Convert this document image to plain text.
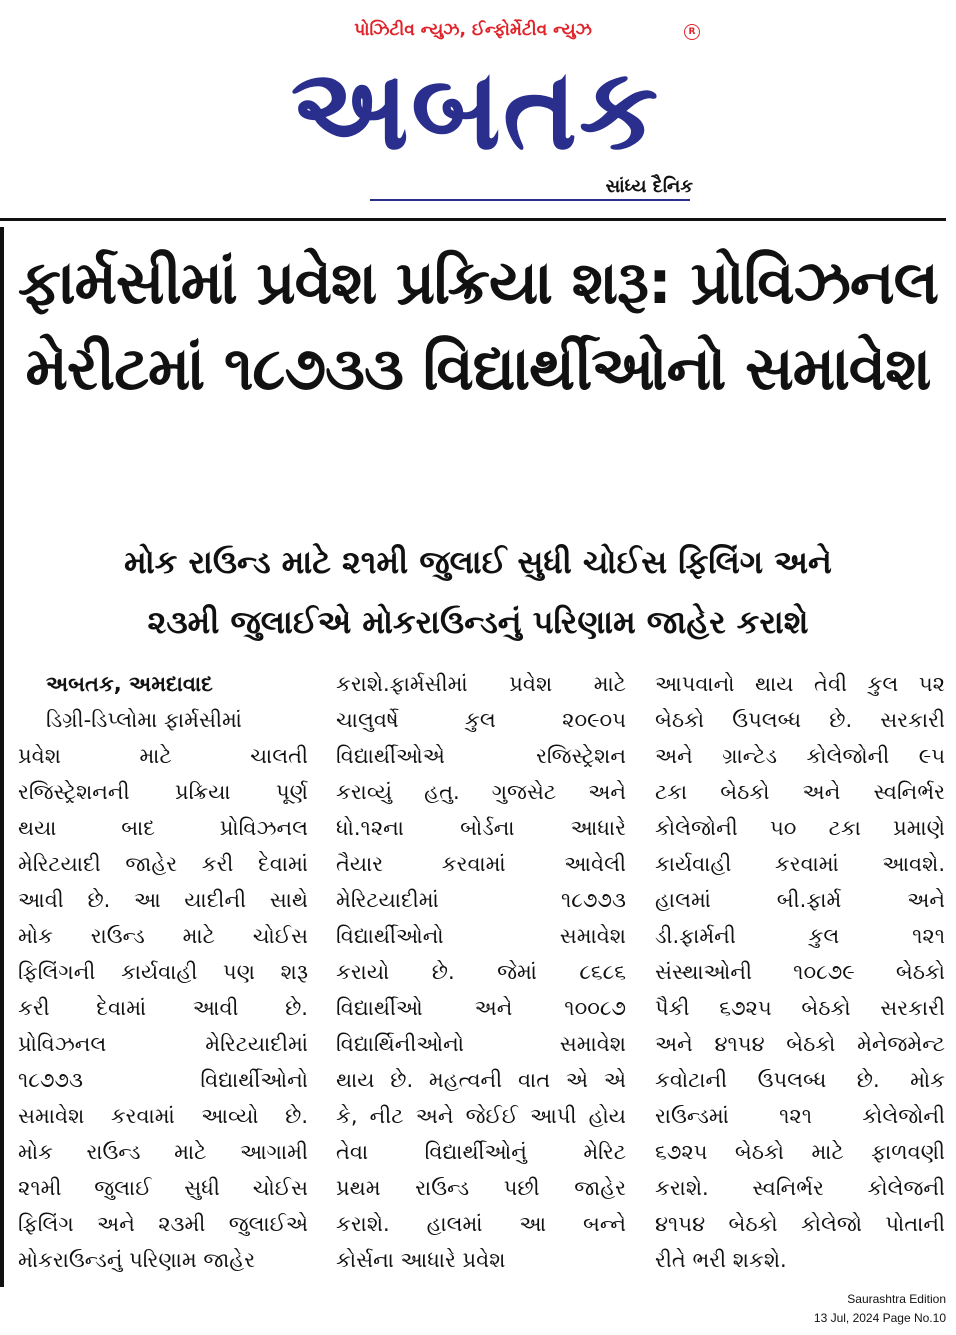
પોઝિટીવ ન્યુઝ, ઈન્ફોર્મેટીવ ન્યુઝ	R
અબતક
સાંધ્ય દૈનિક
ફાર્મસીમાં પ્રવેશ પ્રક્રિયા શરૂ: પ્રોવિઝનલ
મેરીટમાં ૧૮૭૩૩ વિદ્યાર્થીઓનો સમાવેશ
મોક રાઉન્ડ માટે ૨૧મી જુલાઈ સુધી ચોઈસ ફિલિંગ અને
૨૩મી જુલાઈએ મોકરાઉન્ડનું પરિણામ જાહેર કરાશે
અબતક, અમદાવાદ
ડિગ્રી-ડિપ્લોમા ફાર્મસીમાં
પ્રવેશ માટે ચાલતી
રજિસ્ટ્રેશનની પ્રક્રિયા પૂર્ણ
થયા બાદ પ્રોવિઝનલ
મેરિટયાદી જાહેર કરી દેવામાં
આવી છે. આ યાદીની સાથે
મોક રાઉન્ડ માટે ચોઈસ
ફિલિંગની કાર્યવાહી પણ શરૂ
કરી દેવામાં આવી છે.
પ્રોવિઝનલ મેરિટયાદીમાં
૧૮૭૭૩ વિદ્યાર્થીઓનો
સમાવેશ કરવામાં આવ્યો છે.
મોક રાઉન્ડ માટે આગામી
૨૧મી જુલાઈ સુધી ચોઈસ
ફિલિંગ અને ૨૩મી જુલાઈએ
મોકરાઉન્ડનું પરિણામ જાહેર
કરાશે.ફાર્મસીમાં પ્રવેશ માટે
ચાલુવર્ષે કુલ ૨૦૯૦૫
વિદ્યાર્થીઓએ રજિસ્ટ્રેશન
કરાવ્યું હતુ. ગુજસેટ અને
ધો.૧૨ના બોર્ડના આધારે
તૈયાર કરવામાં આવેલી
મેરિટયાદીમાં ૧૮૭૭૩
વિદ્યાર્થીઓનો સમાવેશ
કરાયો છે. જેમાં ૮૬૮૬
વિદ્યાર્થીઓ અને ૧૦૦૮૭
વિદ્યાર્થિનીઓનો સમાવેશ
થાય છે. મહત્વની વાત એ એ
કે, નીટ અને જેઈઈ આપી હોય
તેવા વિદ્યાર્થીઓનું મેરિટ
પ્રથમ રાઉન્ડ પછી જાહેર
કરાશે. હાલમાં આ બન્ને
કોર્સના આધારે પ્રવેશ
આપવાનો થાય તેવી કુલ ૫૨
બેઠકો ઉપલબ્ધ છે. સરકારી
અને ગ્રાન્ટેડ કોલેજોની ૯૫
ટકા બેઠકો અને સ્વનિર્ભર
કોલેજોની ૫૦ ટકા પ્રમાણે
કાર્યવાહી કરવામાં આવશે.
હાલમાં બી.ફાર્મ અને
ડી.ફાર્મની કુલ ૧૨૧
સંસ્થાઓની ૧૦૮૭૯ બેઠકો
પૈકી ૬૭૨૫ બેઠકો સરકારી
અને ૪૧૫૪ બેઠકો મેનેજમેન્ટ
કવોટાની ઉપલબ્ધ છે. મોક
રાઉન્ડમાં ૧૨૧ કોલેજોની
૬૭૨૫ બેઠકો માટે ફાળવણી
કરાશે. સ્વનિર્ભર કોલેજની
૪૧૫૪ બેઠકો કોલેજો પોતાની
રીતે ભરી શકશે.
Saurashtra Edition
13 Jul, 2024 Page No.10
